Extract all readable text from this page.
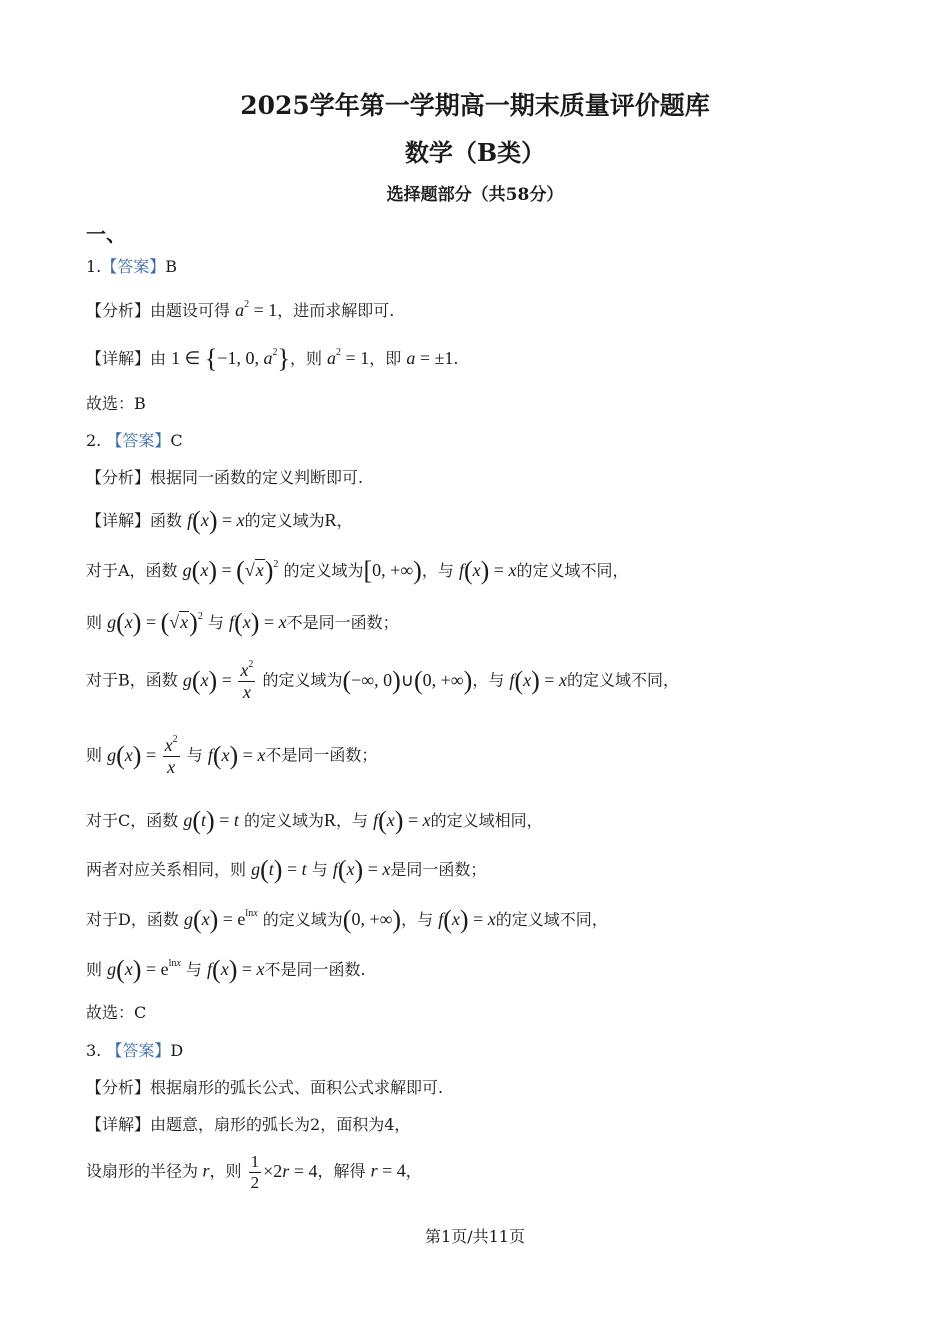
2025学年第一学期高一期末质量评价题库
数学（B类）
选择题部分（共58分）
一、
1.【答案】B
【分析】由题设可得 $a^2 = 1$，进而求解即可.
【详解】由 1 ∈ {−1, 0, $a^2$}，则 $a^2 = 1$，即 a = ±1.
故选：B
2. 【答案】C
【分析】根据同一函数的定义判断即可.
【详解】函数 f(x) = x的定义域为R，
对于A，函数 $g(x) = (√x)^2$ 的定义域为[0, +∞)，与 f(x) = x的定义域不同，
则 $g(x) = (√x)^2$ 与 f(x) = x不是同一函数；
对于B，函数 $g(x) = \frac{x^2}{x}$ 的定义域为(−∞, 0)∪(0, +∞)，与 f(x) = x的定义域不同，
则 $g(x) = \frac{x^2}{x}$ 与 f(x) = x不是同一函数；
对于C，函数 g(t) = t 的定义域为R，与 f(x) = x的定义域相同，
两者对应关系相同，则 g(t) = t 与 f(x) = x是同一函数；
对于D，函数 $g(x) = e^{lnx}$ 的定义域为(0, +∞)，与 f(x) = x的定义域不同，
则 $g(x) = e^{lnx}$ 与 f(x) = x不是同一函数.
故选：C
3. 【答案】D
【分析】根据扇形的弧长公式、面积公式求解即可.
【详解】由题意，扇形的弧长为2，面积为4，
设扇形的半径为 r，则 $\frac{1}{2} \times 2r = 4$，解得 r = 4，
第1页/共11页
